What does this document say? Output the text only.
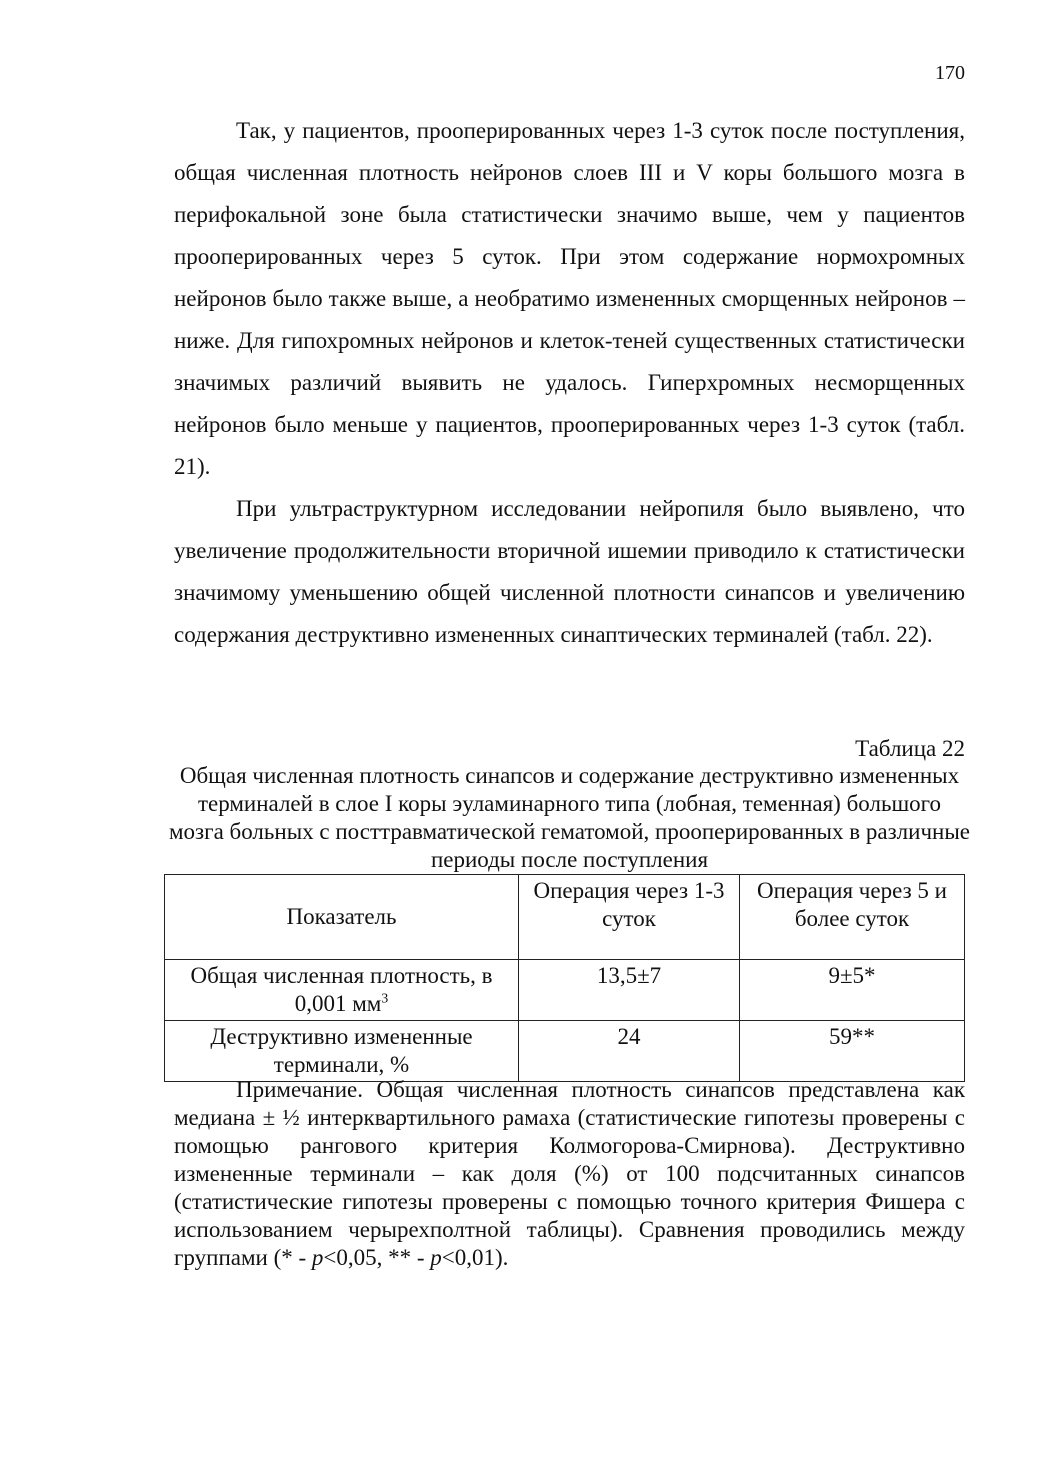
170

Так, у пациентов, прооперированных через 1-3 суток после поступления, общая численная плотность нейронов слоев III и V коры большого мозга в перифокальной зоне была статистически значимо выше, чем у пациентов прооперированных через 5 суток. При этом содержание нормохромных нейронов было также выше, а необратимо измененных сморщенных нейронов – ниже. Для гипохромных нейронов и клеток-теней существенных статистически значимых различий выявить не удалось. Гиперхромных несморщенных нейронов было меньше у пациентов, прооперированных через 1-3 суток (табл. 21).

При ультраструктурном исследовании нейропиля было выявлено, что увеличение продолжительности вторичной ишемии приводило к статистически значимому уменьшению общей численной плотности синапсов и увеличению содержания деструктивно измененных синаптических терминалей (табл. 22).

Таблица 22
Общая численная плотность синапсов и содержание деструктивно измененных терминалей в слое I коры эуламинарного типа (лобная, теменная) большого мозга больных с посттравматической гематомой, прооперированных в различные периоды после поступления
Показатель	Операция через 1-3 суток	Операция через 5 и более суток
Общая численная плотность, в 0,001 $мм^3$	13,5±7	9±5*
Деструктивно измененные терминали, %	24	59**

Примечание. Общая численная плотность синапсов представлена как медиана ± ½ интерквартильного рамаха (статистические гипотезы проверены с помощью рангового критерия Колмогорова-Смирнова). Деструктивно измененные терминали – как доля (%) от 100 подсчитанных синапсов (статистические гипотезы проверены с помощью точного критерия Фишера с использованием черырехполтной таблицы). Сравнения проводились между группами (* - p<0,05, ** - p<0,01).
